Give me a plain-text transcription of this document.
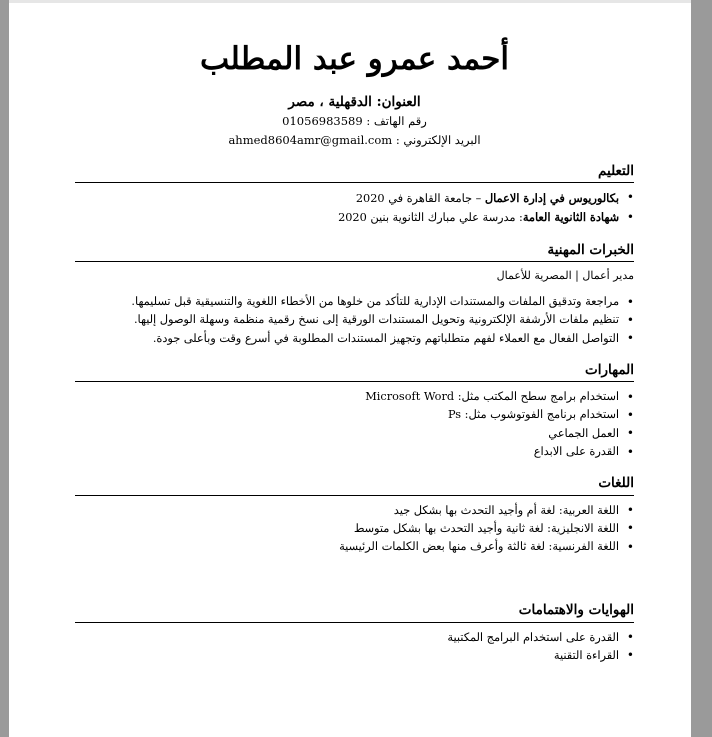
أحمد عمرو عبد المطلب
العنوان: الدقهلية ، مصر
رقم الهاتف : 01056983589
البريد الإلكتروني : ahmed8604amr@gmail.com
التعليم
• بكالوريوس في إدارة الاعمال – جامعة القاهرة في 2020
• شهادة الثانوية العامة: مدرسة علي مبارك الثانوية بنين 2020
الخبرات المهنية
مدير أعمال | المصرية للأعمال
• مراجعة وتدقيق الملفات والمستندات الإدارية للتأكد من خلوها من الأخطاء اللغوية والتنسيقية قبل تسليمها.
• تنظيم ملفات الأرشفة الإلكترونية وتحويل المستندات الورقية إلى نسخ رقمية منظمة وسهلة الوصول إليها.
• التواصل الفعال مع العملاء لفهم متطلباتهم وتجهيز المستندات المطلوبة في أسرع وقت وبأعلى جودة.
المهارات
• استخدام برامج سطح المكتب مثل: Microsoft Word
• استخدام برنامج الفوتوشوب مثل: Ps
• العمل الجماعي
• القدرة على الابداع
اللغات
• اللغة العربية: لغة أم وأجيد التحدث بها بشكل جيد
• اللغة الانجليزية: لغة ثانية وأجيد التحدث بها بشكل متوسط
• اللغة الفرنسية: لغة ثالثة وأعرف منها بعض الكلمات الرئيسية
الهوايات والاهتمامات
• القدرة على استخدام البرامج المكتبية
• القراءة التقنية
